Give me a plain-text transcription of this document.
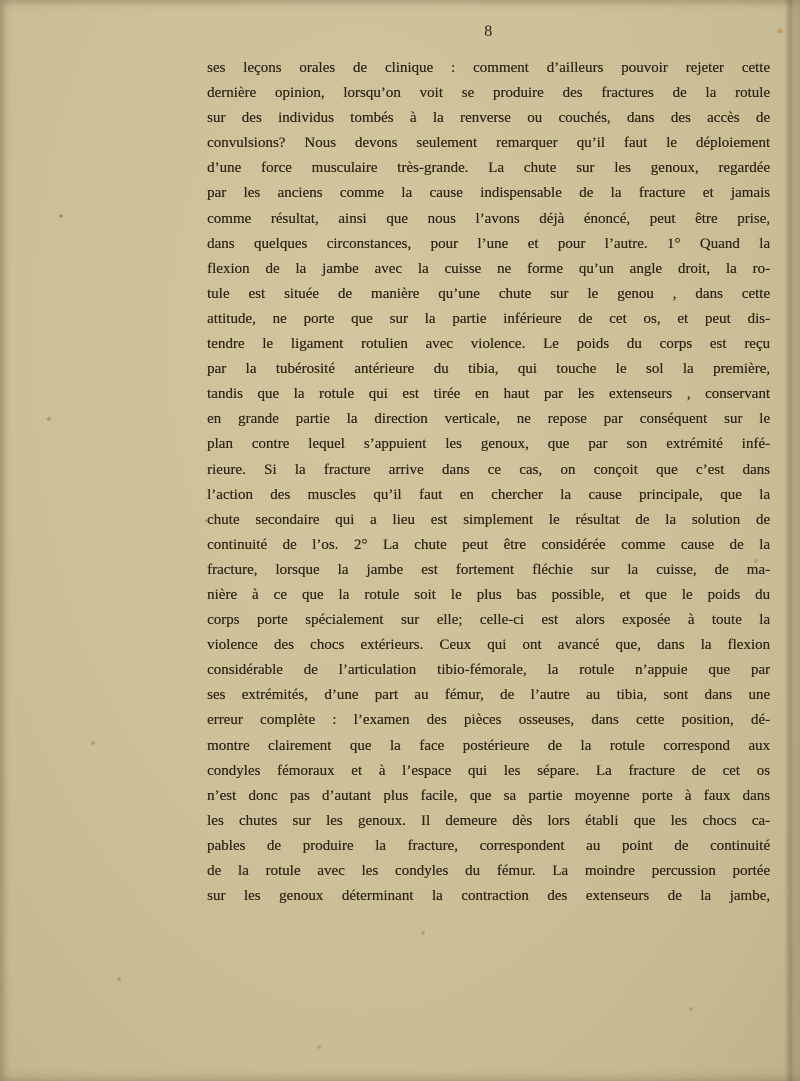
8
ses leçons orales de clinique : comment d’ailleurs pouvoir rejeter cette
dernière opinion, lorsqu’on voit se produire des fractures de la rotule
sur des individus tombés à la renverse ou couchés, dans des accès de
convulsions? Nous devons seulement remarquer qu’il faut le déploiement
d’une force musculaire très-grande. La chute sur les genoux, regardée
par les anciens comme la cause indispensable de la fracture et jamais
comme résultat, ainsi que nous l’avons déjà énoncé, peut être prise,
dans quelques circonstances, pour l’une et pour l’autre. 1° Quand la
flexion de la jambe avec la cuisse ne forme qu’un angle droit, la ro-
tule est située de manière qu’une chute sur le genou , dans cette
attitude, ne porte que sur la partie inférieure de cet os, et peut dis-
tendre le ligament rotulien avec violence. Le poids du corps est reçu
par la tubérosité antérieure du tibia, qui touche le sol la première,
tandis que la rotule qui est tirée en haut par les extenseurs , conservant
en grande partie la direction verticale, ne repose par conséquent sur le
plan contre lequel s’appuient les genoux, que par son extrémité infé-
rieure. Si la fracture arrive dans ce cas, on conçoit que c’est dans
l’action des muscles qu’il faut en chercher la cause principale, que la
chute secondaire qui a lieu est simplement le résultat de la solution de
continuité de l’os. 2° La chute peut être considérée comme cause de la
fracture, lorsque la jambe est fortement fléchie sur la cuisse, de ma-
nière à ce que la rotule soit le plus bas possible, et que le poids du
corps porte spécialement sur elle; celle-ci est alors exposée à toute la
violence des chocs extérieurs. Ceux qui ont avancé que, dans la flexion
considérable de l’articulation tibio-fémorale, la rotule n’appuie que par
ses extrémités, d’une part au fémur, de l’autre au tibia, sont dans une
erreur complète : l’examen des pièces osseuses, dans cette position, dé-
montre clairement que la face postérieure de la rotule correspond aux
condyles fémoraux et à l’espace qui les sépare. La fracture de cet os
n’est donc pas d’autant plus facile, que sa partie moyenne porte à faux dans
les chutes sur les genoux. Il demeure dès lors établi que les chocs ca-
pables de produire la fracture, correspondent au point de continuité
de la rotule avec les condyles du fémur. La moindre percussion portée
sur les genoux déterminant la contraction des extenseurs de la jambe,
